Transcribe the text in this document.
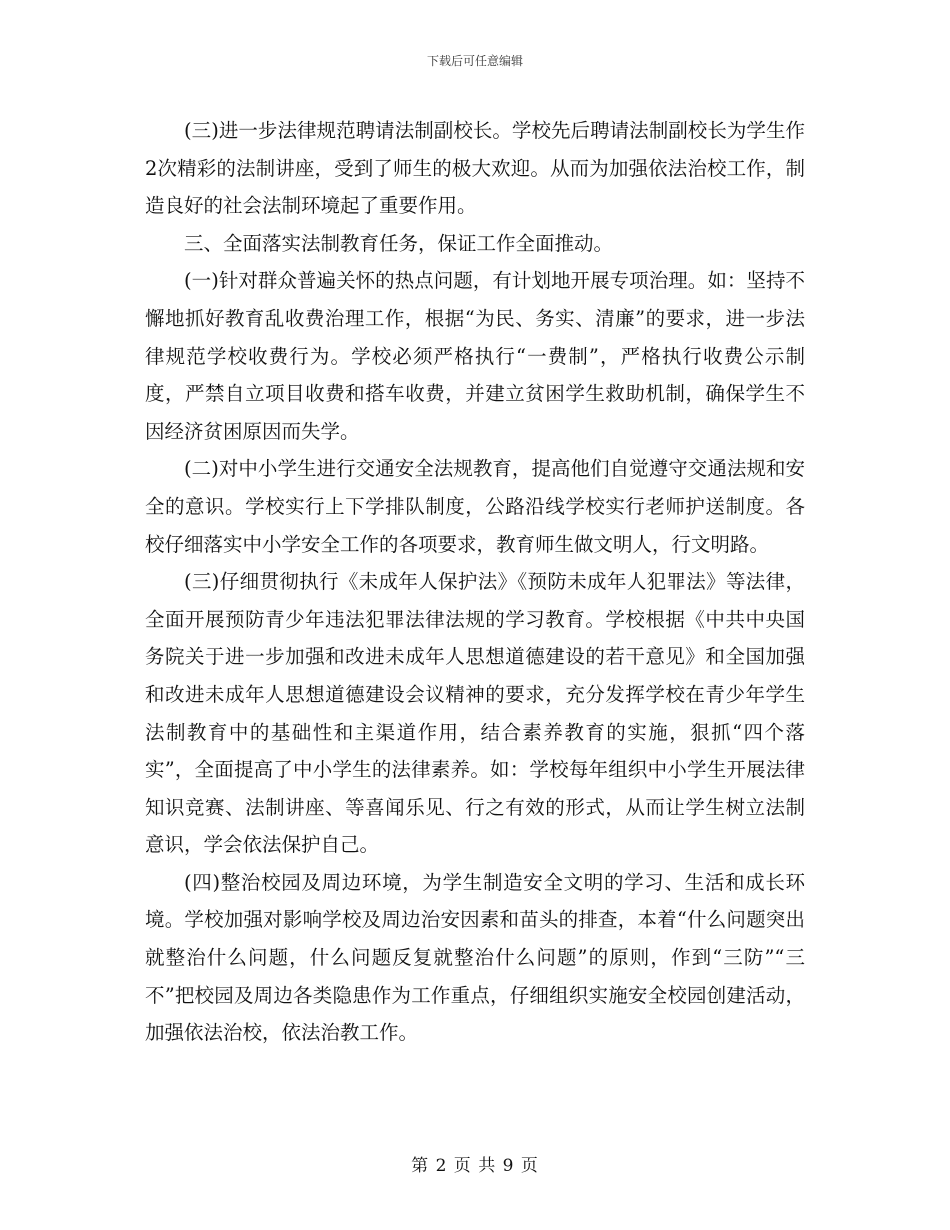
下载后可任意编辑

(三)进一步法律规范聘请法制副校长。学校先后聘请法制副校长为学生作2次精彩的法制讲座，受到了师生的极大欢迎。从而为加强依法治校工作，制造良好的社会法制环境起了重要作用。

三、全面落实法制教育任务，保证工作全面推动。

(一)针对群众普遍关怀的热点问题，有计划地开展专项治理。如：坚持不懈地抓好教育乱收费治理工作，根据“为民、务实、清廉”的要求，进一步法律规范学校收费行为。学校必须严格执行“一费制”，严格执行收费公示制度，严禁自立项目收费和搭车收费，并建立贫困学生救助机制，确保学生不因经济贫困原因而失学。

(二)对中小学生进行交通安全法规教育，提高他们自觉遵守交通法规和安全的意识。学校实行上下学排队制度，公路沿线学校实行老师护送制度。各校仔细落实中小学安全工作的各项要求，教育师生做文明人，行文明路。

(三)仔细贯彻执行《未成年人保护法》《预防未成年人犯罪法》等法律，全面开展预防青少年违法犯罪法律法规的学习教育。学校根据《中共中央国务院关于进一步加强和改进未成年人思想道德建设的若干意见》和全国加强和改进未成年人思想道德建设会议精神的要求，充分发挥学校在青少年学生法制教育中的基础性和主渠道作用，结合素养教育的实施，狠抓“四个落实”，全面提高了中小学生的法律素养。如：学校每年组织中小学生开展法律知识竞赛、法制讲座、等喜闻乐见、行之有效的形式，从而让学生树立法制意识，学会依法保护自己。

(四)整治校园及周边环境，为学生制造安全文明的学习、生活和成长环境。学校加强对影响学校及周边治安因素和苗头的排查，本着“什么问题突出就整治什么问题，什么问题反复就整治什么问题”的原则，作到“三防”“三不”把校园及周边各类隐患作为工作重点，仔细组织实施安全校园创建活动，加强依法治校，依法治教工作。

第 2 页 共 9 页
